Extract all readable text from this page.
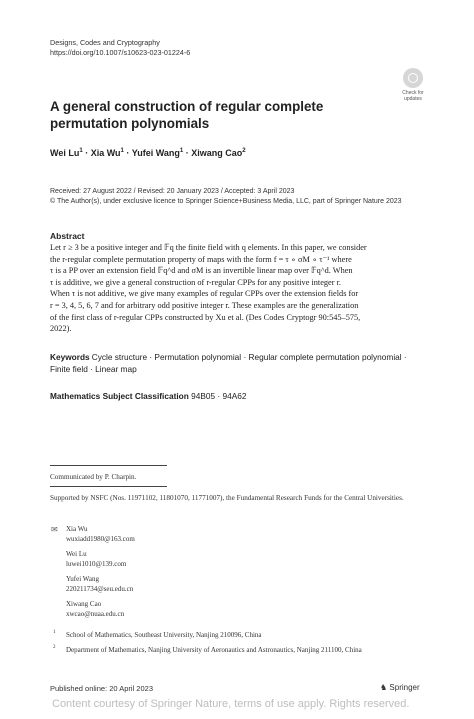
Designs, Codes and Cryptography
https://doi.org/10.1007/s10623-023-01224-6
Check for
updates
A general construction of regular complete permutation polynomials
Wei $Lu^1$ · Xia $Wu^1$ · Yufei Wang$^1$ · Xiwang Cao$^2$
Received: 27 August 2022 / Revised: 20 January 2023 / Accepted: 3 April 2023
© The Author(s), under exclusive licence to Springer Science+Business Media, LLC, part of Springer Nature 2023
Abstract
Let r ≥ 3 be a positive integer and 𝔽q the finite field with q elements. In this paper, we consider
the r-regular complete permutation property of maps with the form f = τ ∘ σM ∘ τ⁻¹ where
τ is a PP over an extension field 𝔽q^d and σM is an invertible linear map over 𝔽q^d. When
τ is additive, we give a general construction of r-regular CPPs for any positive integer r.
When τ is not additive, we give many examples of regular CPPs over the extension fields for
r = 3, 4, 5, 6, 7 and for arbitrary odd positive integer r. These examples are the generalization
of the first class of r-regular CPPs constructed by Xu et al. (Des Codes Cryptogr 90:545–575,
2022).
Keywords Cycle structure · Permutation polynomial · Regular complete permutation polynomial · Finite field · Linear map
Mathematics Subject Classification 94B05 · 94A62
Communicated by P. Charpin.
Supported by NSFC (Nos. 11971102, 11801070, 11771007), the Fundamental Research Funds for the Central Universities.
✉ Xia Wu
wuxiadd1980@163.com
Wei Lu
luwei1010@139.com
Yufei Wang
220211734@seu.edu.cn
Xiwang Cao
xwcao@nuaa.edu.cn
1 School of Mathematics, Southeast University, Nanjing 210096, China
2 Department of Mathematics, Nanjing University of Aeronautics and Astronautics, Nanjing 211100, China
Published online: 20 April 2023	♞ Springer
Content courtesy of Springer Nature, terms of use apply. Rights reserved.
